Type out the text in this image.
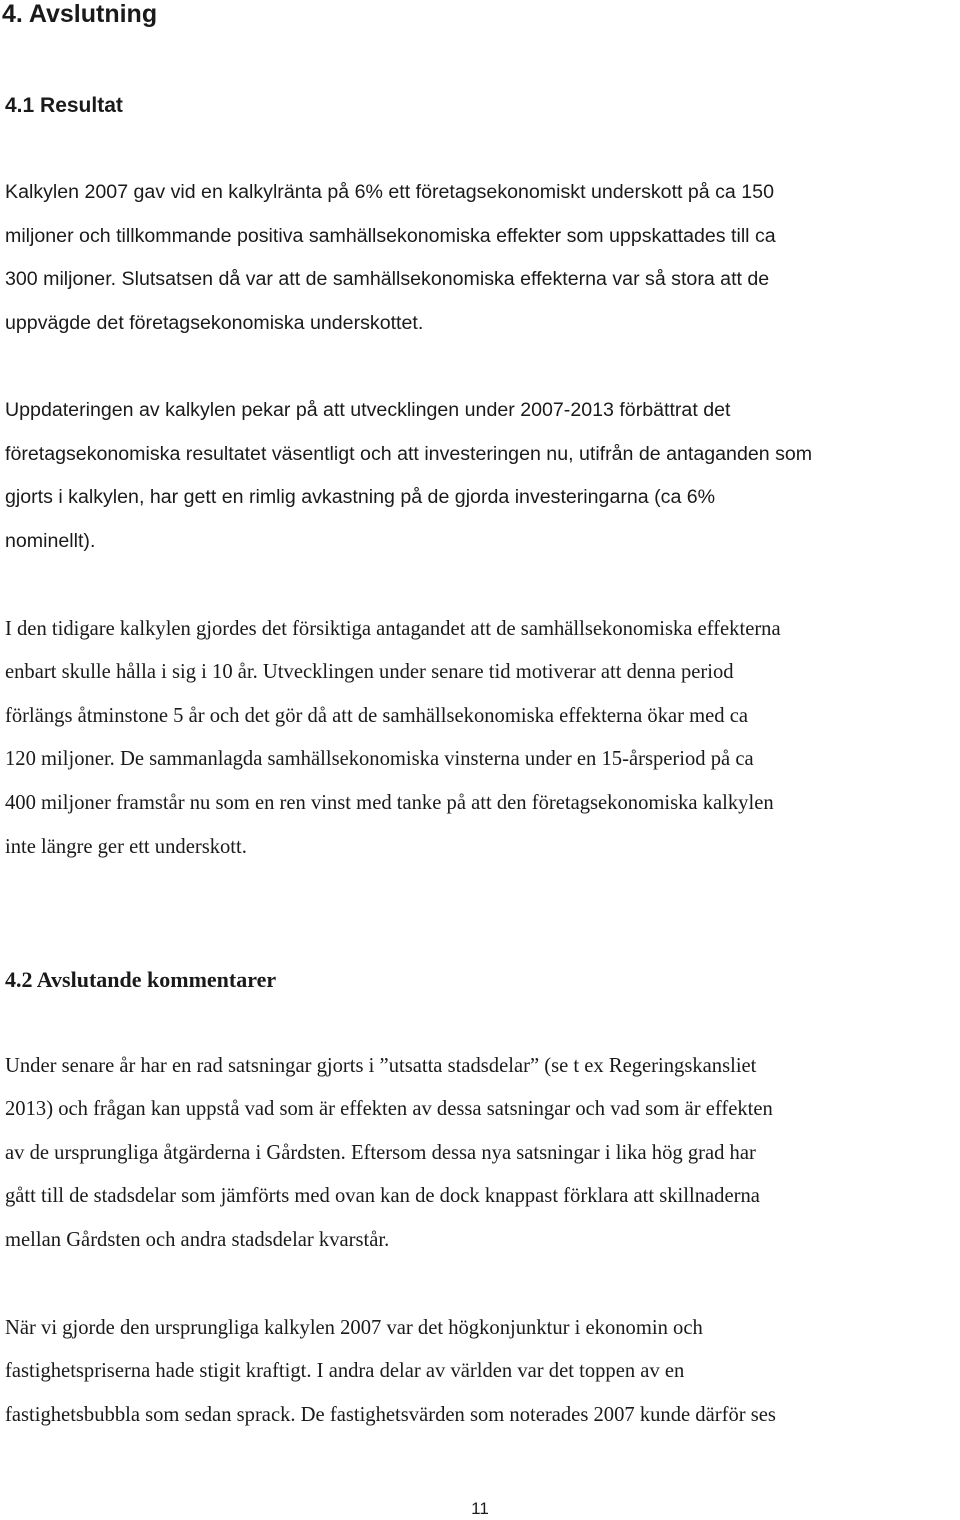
4. Avslutning
4.1 Resultat

Kalkylen 2007 gav vid en kalkylränta på 6% ett företagsekonomiskt underskott på ca 150

miljoner och tillkommande positiva samhällsekonomiska effekter som uppskattades till ca

300 miljoner. Slutsatsen då var att de samhällsekonomiska effekterna var så stora att de

uppvägde det företagsekonomiska underskottet.

Uppdateringen av kalkylen pekar på att utvecklingen under 2007-2013 förbättrat det

företagsekonomiska resultatet väsentligt och att investeringen nu, utifrån de antaganden som

gjorts i kalkylen, har gett en rimlig avkastning på de gjorda investeringarna (ca 6%

nominellt).

I den tidigare kalkylen gjordes det försiktiga antagandet att de samhällsekonomiska effekterna

enbart skulle hålla i sig i 10 år. Utvecklingen under senare tid motiverar att denna period

förlängs åtminstone 5 år och det gör då att de samhällsekonomiska effekterna ökar med ca

120 miljoner. De sammanlagda samhällsekonomiska vinsterna under en 15-årsperiod på ca

400 miljoner framstår nu som en ren vinst med tanke på att den företagsekonomiska kalkylen

inte längre ger ett underskott.

4.2 Avslutande kommentarer

Under senare år har en rad satsningar gjorts i ”utsatta stadsdelar” (se t ex Regeringskansliet

2013) och frågan kan uppstå vad som är effekten av dessa satsningar och vad som är effekten

av de ursprungliga åtgärderna i Gårdsten. Eftersom dessa nya satsningar i lika hög grad har

gått till de stadsdelar som jämförts med ovan kan de dock knappast förklara att skillnaderna

mellan Gårdsten och andra stadsdelar kvarstår.

När vi gjorde den ursprungliga kalkylen 2007 var det högkonjunktur i ekonomin och

fastighetspriserna hade stigit kraftigt. I andra delar av världen var det toppen av en

fastighetsbubbla som sedan sprack. De fastighetsvärden som noterades 2007 kunde därför ses

11
